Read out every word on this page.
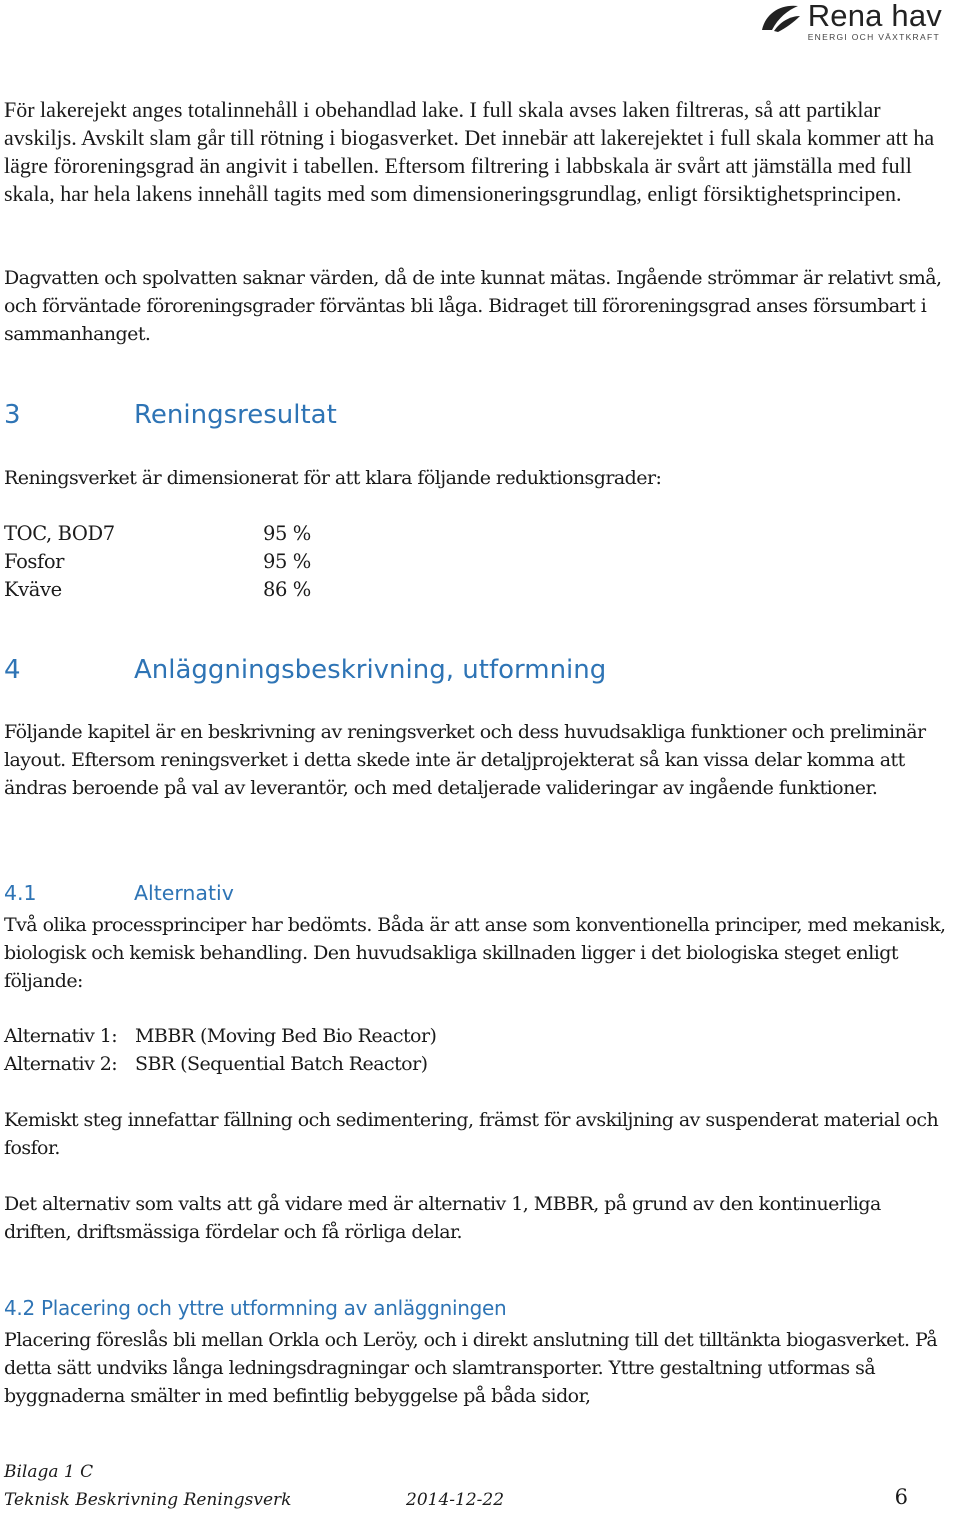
Rena hav
ENERGI OCH VÄXTKRAFT
För lakerejekt anges totalinnehåll i obehandlad lake. I full skala avses laken filtreras, så att partiklar avskiljs. Avskilt slam går till rötning i biogasverket. Det innebär att lakerejektet i full skala kommer att ha lägre föroreningsgrad än angivit i tabellen. Eftersom filtrering i labbskala är svårt att jämställa med full skala, har hela lakens innehåll tagits med som dimensioneringsgrundlag, enligt försiktighetsprincipen.
Dagvatten och spolvatten saknar värden, då de inte kunnat mätas. Ingående strömmar är relativt små, och förväntade föroreningsgrader förväntas bli låga. Bidraget till föroreningsgrad anses försumbart i sammanhanget.
3	Reningsresultat
Reningsverket är dimensionerat för att klara följande reduktionsgrader:
TOC, BOD7	95 %
Fosfor	95 %
Kväve	86 %
4	Anläggningsbeskrivning, utformning
Följande kapitel är en beskrivning av reningsverket och dess huvudsakliga funktioner och preliminär layout. Eftersom reningsverket i detta skede inte är detaljprojekterat så kan vissa delar komma att ändras beroende på val av leverantör, och med detaljerade valideringar av ingående funktioner.
4.1	Alternativ
Två olika processprinciper har bedömts. Båda är att anse som konventionella principer, med mekanisk, biologisk och kemisk behandling. Den huvudsakliga skillnaden ligger i det biologiska steget enligt följande:
Alternativ 1: MBBR (Moving Bed Bio Reactor)
Alternativ 2: SBR (Sequential Batch Reactor)
Kemiskt steg innefattar fällning och sedimentering, främst för avskiljning av suspenderat material och fosfor.
Det alternativ som valts att gå vidare med är alternativ 1, MBBR, på grund av den kontinuerliga driften, driftsmässiga fördelar och få rörliga delar.
4.2 Placering och yttre utformning av anläggningen
Placering föreslås bli mellan Orkla och Leröy, och i direkt anslutning till det tilltänkta biogasverket. På detta sätt undviks långa ledningsdragningar och slamtransporter. Yttre gestaltning utformas så byggnaderna smälter in med befintlig bebyggelse på båda sidor,
Bilaga 1 C
Teknisk Beskrivning Reningsverk	2014-12-22	6
